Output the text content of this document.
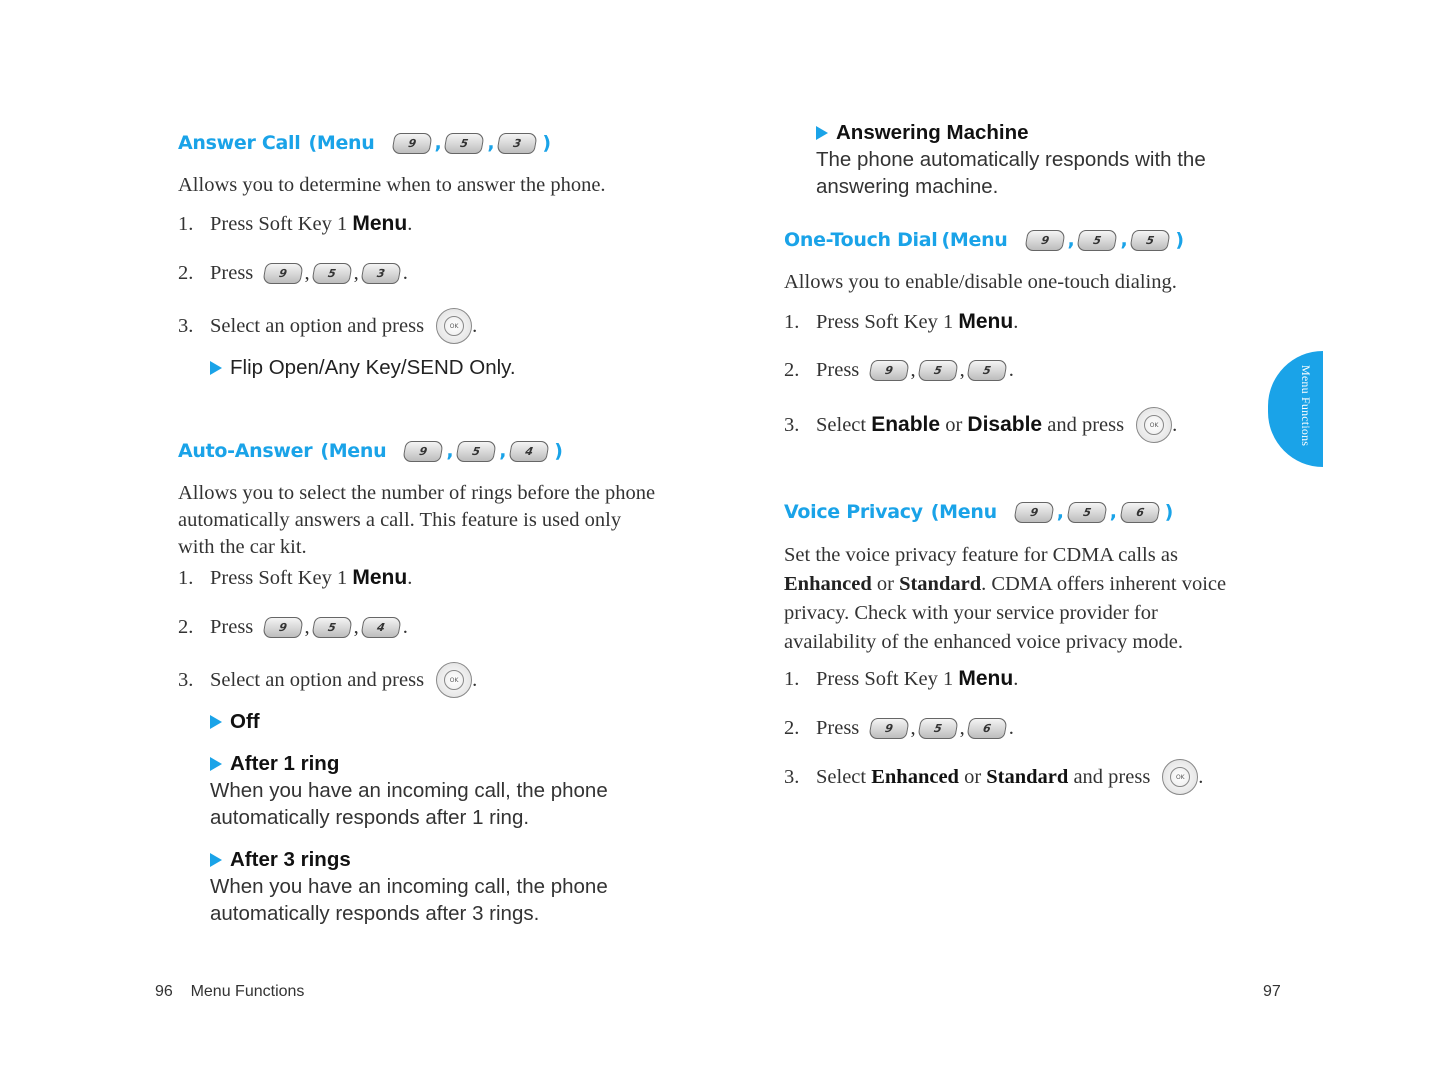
Answer Call (Menu	9 ,	5 ,	3	)
Allows you to determine when to answer the phone.
1. Press Soft Key 1
Menu .
2. Press
	9 ,	5 ,	3 .
3. Select an option and press	OK .
Flip Open/Any Key/SEND Only.
Auto-Answer (Menu	9 ,	5 ,	4	)
Allows you to select the number of rings before the phone automatically answers a call. This feature is used only with the car kit.
1. Press Soft Key 1
Menu .
2. Press
	9 ,	5 ,	4 .
3. Select an option and press	OK .
Off
After 1 ring
When you have an incoming call, the phone automatically responds after 1 ring.
After 3 rings
When you have an incoming call, the phone automatically responds after 3 rings.
96 Menu Functions
Answering Machine
The phone automatically responds with the answering machine.
One-Touch Dial (Menu	9 ,	5 ,	5	)
Allows you to enable/disable one-touch dialing.
1. Press Soft Key 1
Menu .
2. Press
	9 ,	5 ,	5 .
3. Select
Enable
or
Disable
and press	OK .
Voice Privacy (Menu	9 ,	5 ,	6	)
Set the voice privacy feature for CDMA calls as Enhanced or Standard. CDMA offers inherent voice privacy. Check with your service provider for availability of the enhanced voice privacy mode.
1. Press Soft Key 1
Menu .
2. Press
	9 ,	5 ,	6 .
3. Select
Enhanced
or
Standard
and press	OK .
97
Menu Functions
